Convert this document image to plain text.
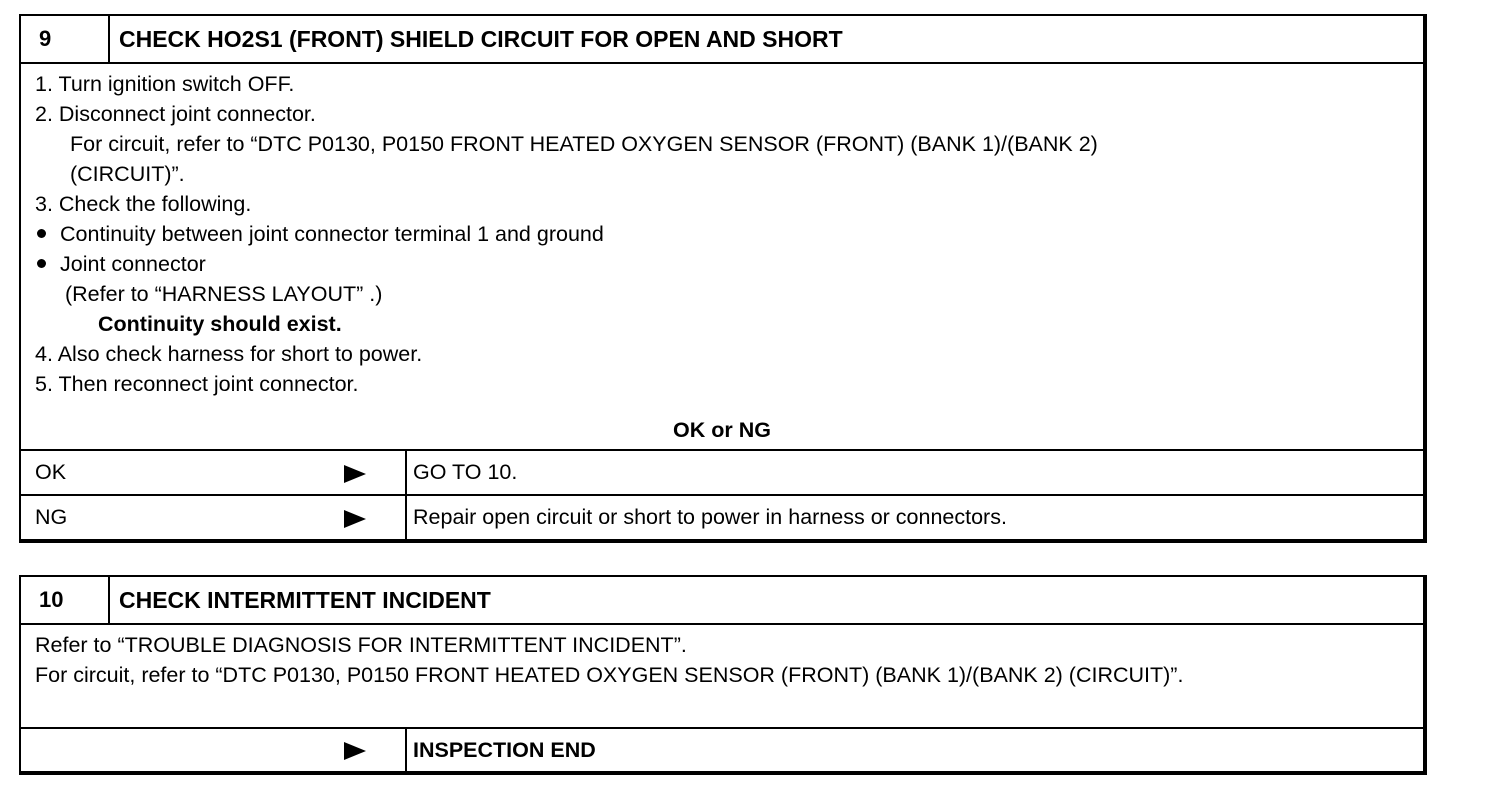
9	CHECK HO2S1 (FRONT) SHIELD CIRCUIT FOR OPEN AND SHORT
1. Turn ignition switch OFF.
2. Disconnect joint connector.
For circuit, refer to “DTC P0130, P0150 FRONT HEATED OXYGEN SENSOR (FRONT) (BANK 1)/(BANK 2)
(CIRCUIT)”.
3. Check the following.
Continuity between joint connector terminal 1 and ground
Joint connector
(Refer to “HARNESS LAYOUT” .)
Continuity should exist.
4. Also check harness for short to power.
5. Then reconnect joint connector.
OK or NG
OK	GO TO 10.
NG	Repair open circuit or short to power in harness or connectors.
10	CHECK INTERMITTENT INCIDENT
Refer to “TROUBLE DIAGNOSIS FOR INTERMITTENT INCIDENT”.
For circuit, refer to “DTC P0130, P0150 FRONT HEATED OXYGEN SENSOR (FRONT) (BANK 1)/(BANK 2) (CIRCUIT)”.
INSPECTION END
